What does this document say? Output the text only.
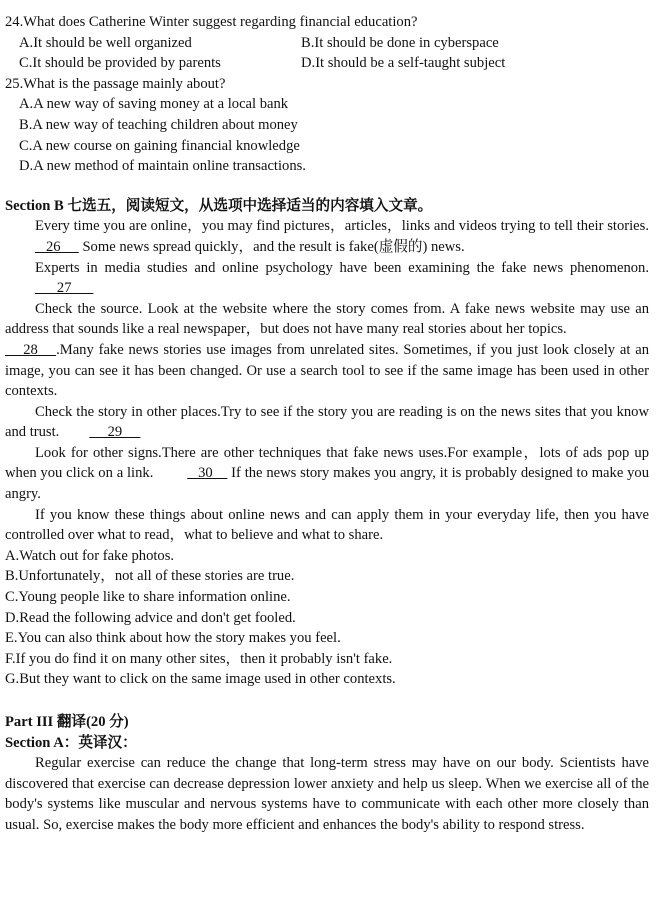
24.What does Catherine Winter suggest regarding financial education?
A.It should be well organized	B.It should be done in cyberspace
C.It should be provided by parents	D.It should be a self-taught subject
25.What is the passage mainly about?
A.A new way of saving money at a local bank
B.A new way of teaching children about money
C.A new course on gaining financial knowledge
D.A new method of maintain online transactions.
Section B 七选五，阅读短文，从选项中选择适当的内容填入文章。
Every time you are online，you may find pictures，articles，links and videos trying to tell their stories.    26      Some news spread quickly，and the result is fake(虚假的) news.
Experts in media studies and online psychology have been examining the fake news phenomenon.       27
Check the source. Look at the website where the story comes from. A fake news website may use an address that sounds like a real newspaper，but does not have many real stories about her topics.
28     .Many fake news stories use images from unrelated sites. Sometimes, if you just look closely at an image, you can see it has been changed. Or use a search tool to see if the same image has been used in other contexts.
Check the story in other places.Try to see if the story you are reading is on the news sites that you know and trust.     29
Look for other signs.There are other techniques that fake news uses.For example，lots of ads pop up when you click on a link.    30     If the news story makes you angry, it is probably designed to make you angry.
If you know these things about online news and can apply them in your everyday life, then you have controlled over what to read，what to believe and what to share.
A.Watch out for fake photos.
B.Unfortunately，not all of these stories are true.
C.Young people like to share information online.
D.Read the following advice and don't get fooled.
E.You can also think about how the story makes you feel.
F.If you do find it on many other sites，then it probably isn't fake.
G.But they want to click on the same image used in other contexts.
Part III 翻译(20 分)
Section A：英译汉：
Regular exercise can reduce the change that long-term stress may have on our body. Scientists have discovered that exercise can decrease depression lower anxiety and help us sleep. When we exercise all of the body's systems like muscular and nervous systems have to communicate with each other more closely than usual. So, exercise makes the body more efficient and enhances the body's ability to respond stress.
